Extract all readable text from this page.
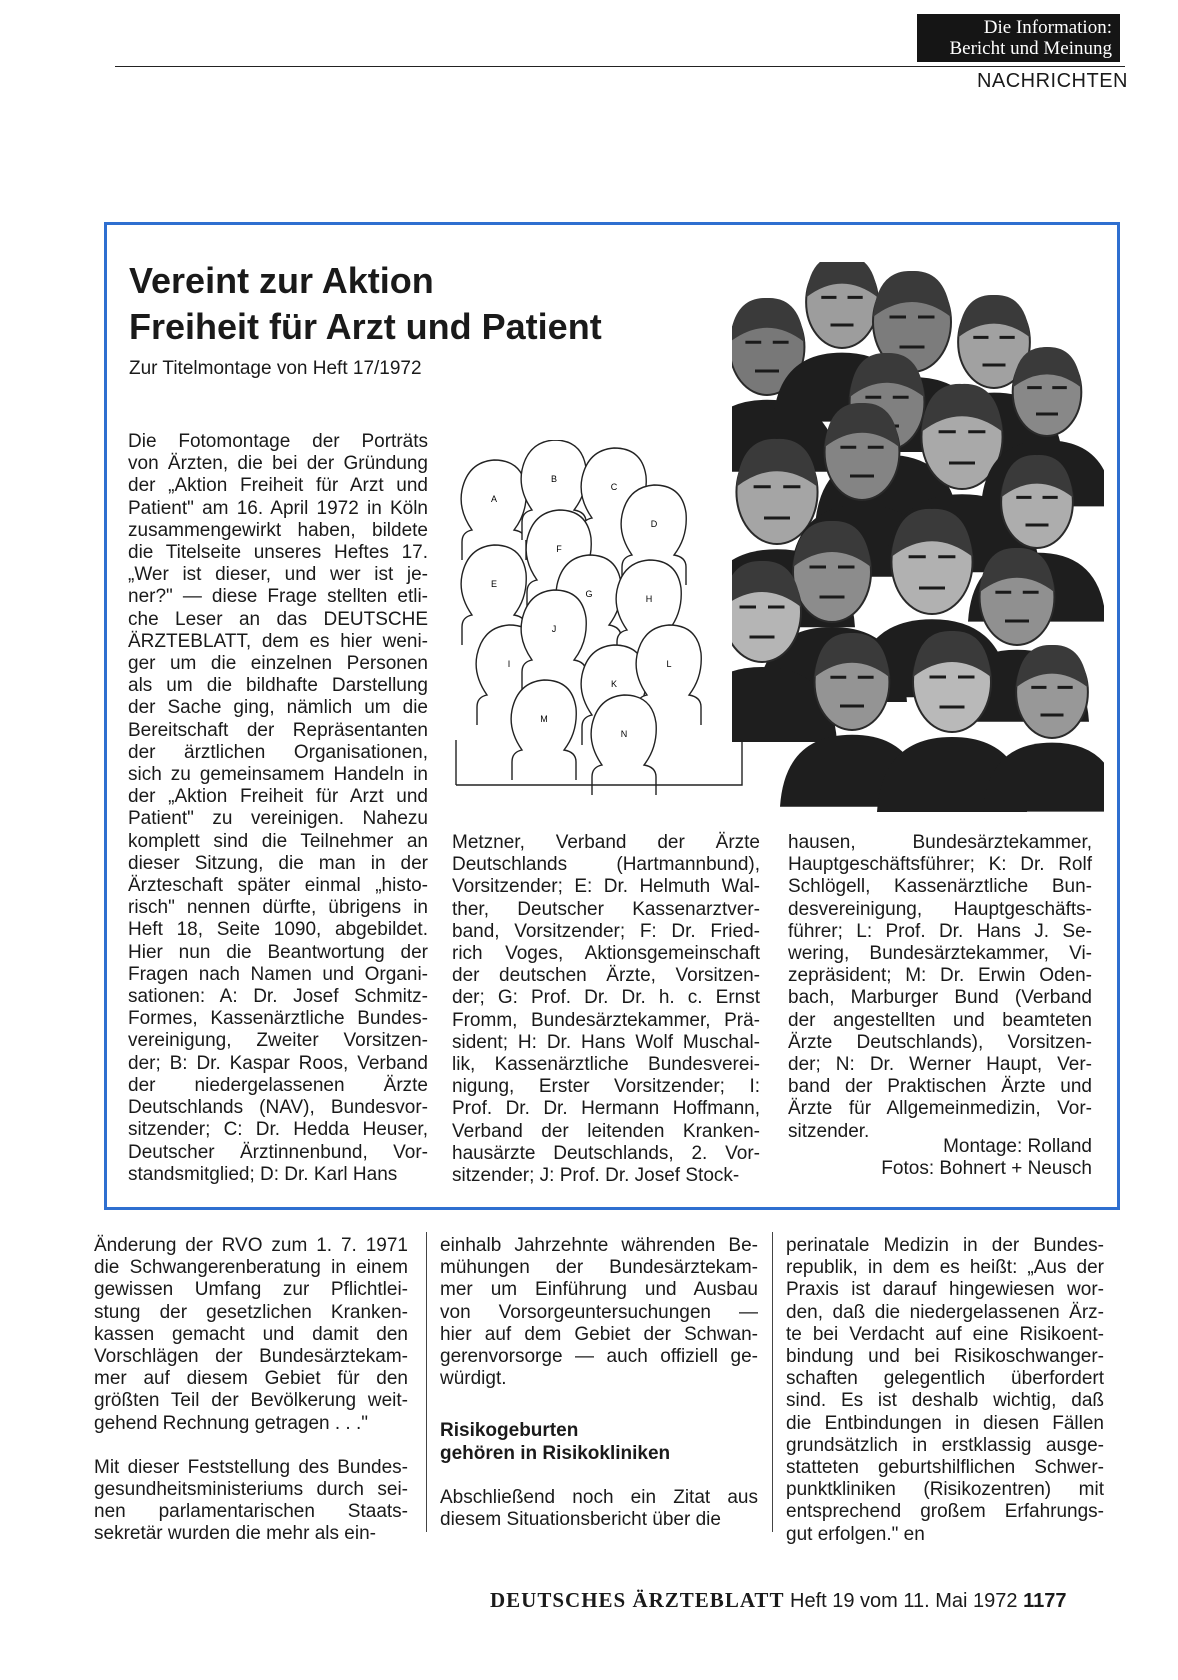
Die Information:
Bericht und Meinung
NACHRICHTEN
Vereint zur Aktion
Freiheit für Arzt und Patient
Zur Titelmontage von Heft 17/1972

Die Fotomontage der Porträts

von Ärzten, die bei der Gründung

der „Aktion Freiheit für Arzt und

Patient" am 16. April 1972 in Köln

zusammengewirkt haben, bildete

die Titelseite unseres Heftes 17.

„Wer ist dieser, und wer ist je-

ner?" — diese Frage stellten etli-

che Leser an das DEUTSCHE

ÄRZTEBLATT, dem es hier weni-

ger um die einzelnen Personen

als um die bildhafte Darstellung

der Sache ging, nämlich um die

Bereitschaft der Repräsentanten

der ärztlichen Organisationen,

sich zu gemeinsamem Handeln in

der „Aktion Freiheit für Arzt und

Patient" zu vereinigen. Nahezu

komplett sind die Teilnehmer an

dieser Sitzung, die man in der

Ärzteschaft später einmal „histo-

risch" nennen dürfte, übrigens in

Heft 18, Seite 1090, abgebildet.

Hier nun die Beantwortung der

Fragen nach Namen und Organi-

sationen: A: Dr. Josef Schmitz-

Formes, Kassenärztliche Bundes-

vereinigung, Zweiter Vorsitzen-

der; B: Dr. Kaspar Roos, Verband

der niedergelassenen Ärzte

Deutschlands (NAV), Bundesvor-

sitzender; C: Dr. Hedda Heuser,

Deutscher Ärztinnenbund, Vor-

standsmitglied; D: Dr. Karl Hans

Metzner, Verband der Ärzte

Deutschlands (Hartmannbund),

Vorsitzender; E: Dr. Helmuth Wal-

ther, Deutscher Kassenarztver-

band, Vorsitzender; F: Dr. Fried-

rich Voges, Aktionsgemeinschaft

der deutschen Ärzte, Vorsitzen-

der; G: Prof. Dr. Dr. h. c. Ernst

Fromm, Bundesärztekammer, Prä-

sident; H: Dr. Hans Wolf Muschal-

lik, Kassenärztliche Bundesverei-

nigung, Erster Vorsitzender; I:

Prof. Dr. Dr. Hermann Hoffmann,

Verband der leitenden Kranken-

hausärzte Deutschlands, 2. Vor-

sitzender; J: Prof. Dr. Josef Stock-

hausen, Bundesärztekammer,

Hauptgeschäftsführer; K: Dr. Rolf

Schlögell, Kassenärztliche Bun-

desvereinigung, Hauptgeschäfts-

führer; L: Prof. Dr. Hans J. Se-

wering, Bundesärztekammer, Vi-

zepräsident; M: Dr. Erwin Oden-

bach, Marburger Bund (Verband

der angestellten und beamteten

Ärzte Deutschlands), Vorsitzen-

der; N: Dr. Werner Haupt, Ver-

band der Praktischen Ärzte und

Ärzte für Allgemeinmedizin, Vor-

sitzender.

Montage: Rolland
Fotos: Bohnert + Neusch
A
B
C
D
E
F
G	H
I
J
K
L
M
N

Änderung der RVO zum 1. 7. 1971

die Schwangerenberatung in einem

gewissen Umfang zur Pflichtlei-

stung der gesetzlichen Kranken-

kassen gemacht und damit den

Vorschlägen der Bundesärztekam-

mer auf diesem Gebiet für den

größten Teil der Bevölkerung weit-

gehend Rechnung getragen . . ."

Mit dieser Feststellung des Bundes-

gesundheitsministeriums durch sei-

nen parlamentarischen Staats-

sekretär wurden die mehr als ein-

einhalb Jahrzehnte währenden Be-

mühungen der Bundesärztekam-

mer um Einführung und Ausbau

von Vorsorgeuntersuchungen —

hier auf dem Gebiet der Schwan-

gerenvorsorge — auch offiziell ge-

würdigt.

Risikogeburten
gehören in Risikokliniken

Abschließend noch ein Zitat aus

diesem Situationsbericht über die

perinatale Medizin in der Bundes-

republik, in dem es heißt: „Aus der

Praxis ist darauf hingewiesen wor-

den, daß die niedergelassenen Ärz-

te bei Verdacht auf eine Risikoent-

bindung und bei Risikoschwanger-

schaften gelegentlich überfordert

sind. Es ist deshalb wichtig, daß

die Entbindungen in diesen Fällen

grundsätzlich in erstklassig ausge-

statteten geburtshilflichen Schwer-

punktkliniken (Risikozentren) mit

entsprechend großem Erfahrungs-

gut erfolgen." en

DEUTSCHES ÄRZTEBLATT Heft 19 vom 11. Mai 1972 1177
